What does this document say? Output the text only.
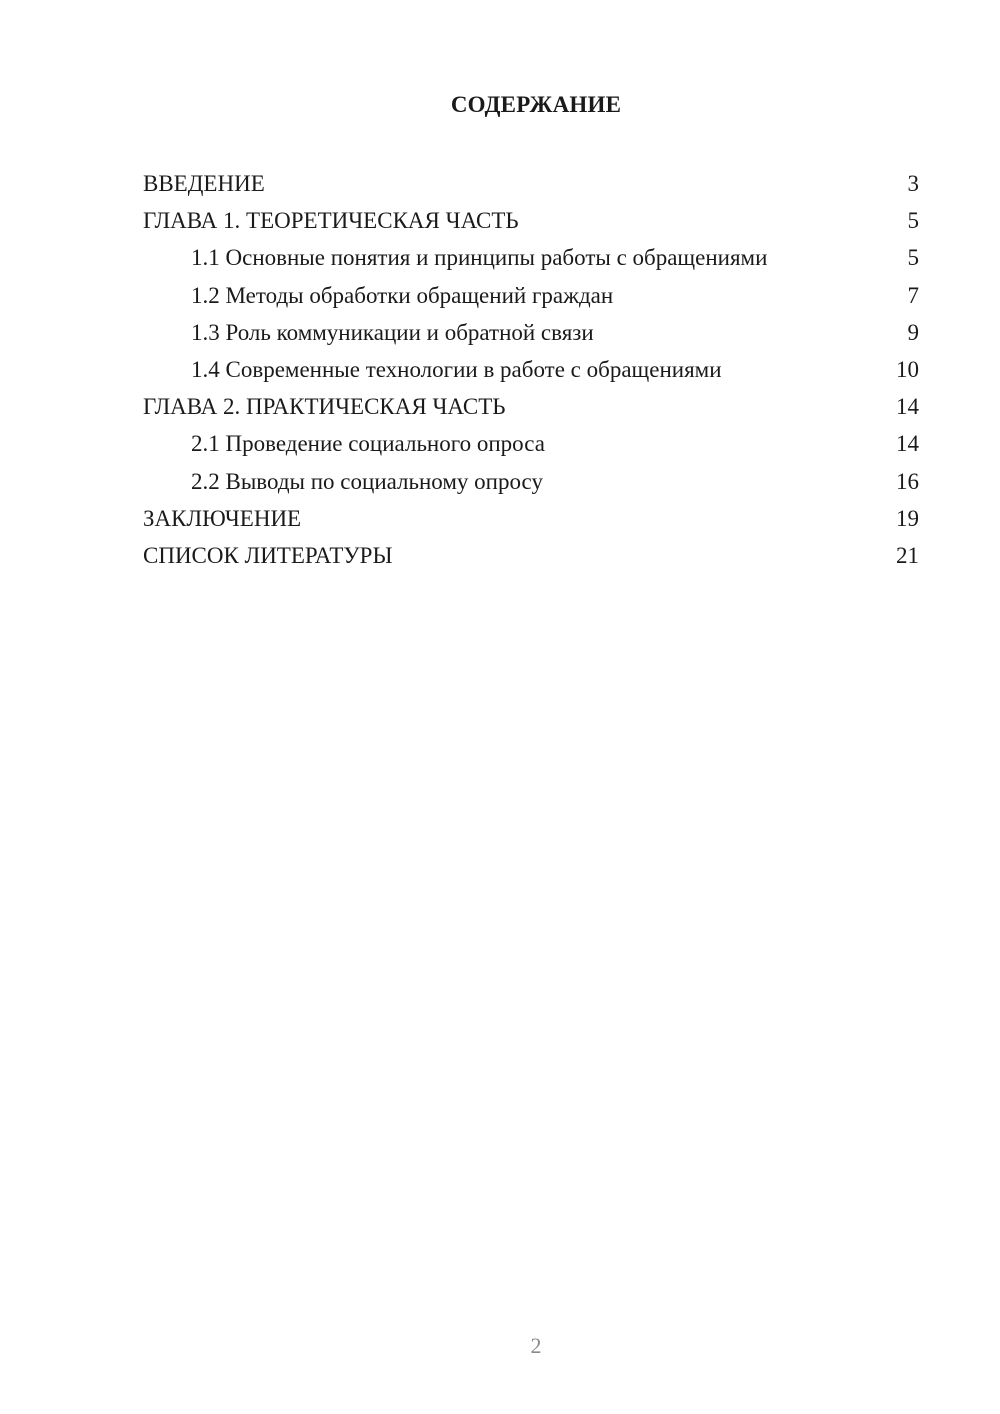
СОДЕРЖАНИЕ
ВВЕДЕНИЕ	3
ГЛАВА 1. ТЕОРЕТИЧЕСКАЯ ЧАСТЬ	5
1.1 Основные понятия и принципы работы с обращениями	5
1.2 Методы обработки обращений граждан	7
1.3 Роль коммуникации и обратной связи	9
1.4 Современные технологии в работе с обращениями	10
ГЛАВА 2. ПРАКТИЧЕСКАЯ ЧАСТЬ	14
2.1 Проведение социального опроса	14
2.2 Выводы по социальному опросу	16
ЗАКЛЮЧЕНИЕ	19
СПИСОК ЛИТЕРАТУРЫ	21
2
